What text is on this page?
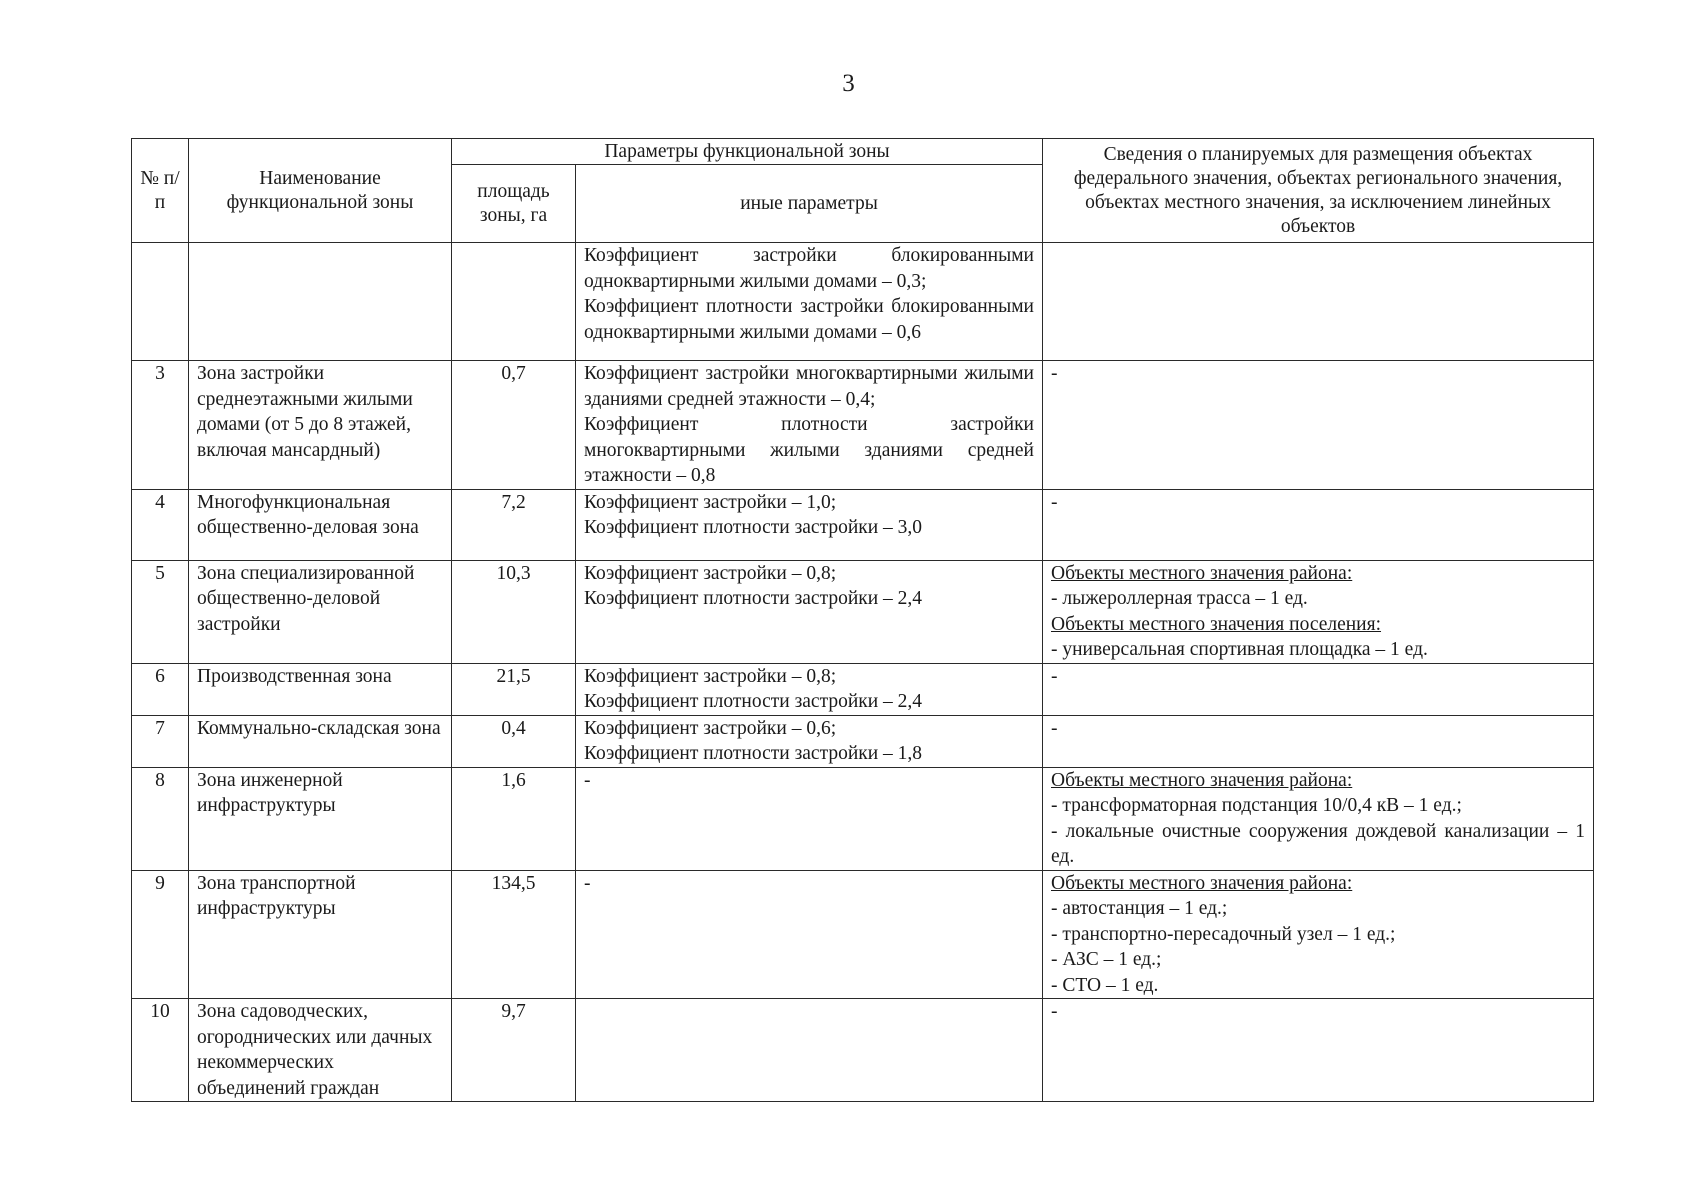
3
№ п/п	Наименование функциональной зоны	Параметры функциональной зоны		Сведения о планируемых для размещения объектах федерального значения, объектах регионального значения, объектах местного значения, за исключением линейных объектов
		площадь зоны, га	иные параметры	

			Коэффициент застройки блокированными одноквартирными жилыми домами – 0,3;
Коэффициент плотности застройки блокированными одноквартирными жилыми домами – 0,6	

3	Зона застройки среднеэтажными жилыми домами (от 5 до 8 этажей, включая мансардный)	0,7	Коэффициент застройки многоквартирными жилыми зданиями средней этажности – 0,4;
Коэффициент плотности застройки многоквартирными жилыми зданиями средней этажности – 0,8	-

4	Многофункциональная общественно-деловая зона	7,2	Коэффициент застройки – 1,0;
Коэффициент плотности застройки – 3,0	-

5	Зона специализированной общественно-деловой застройки	10,3	Коэффициент застройки – 0,8;
Коэффициент плотности застройки – 2,4	Объекты местного значения района:
- лыжероллерная трасса – 1 ед.
Объекты местного значения поселения:
- универсальная спортивная площадка – 1 ед.

6	Производственная зона	21,5	Коэффициент застройки – 0,8;
Коэффициент плотности застройки – 2,4	-

7	Коммунально-складская зона	0,4	Коэффициент застройки – 0,6;
Коэффициент плотности застройки – 1,8	-

8	Зона инженерной инфраструктуры	1,6	-	Объекты местного значения района:
- трансформаторная подстанция 10/0,4 кВ – 1 ед.;
- локальные очистные сооружения дождевой канализации – 1 ед.

9	Зона транспортной инфраструктуры	134,5	-	Объекты местного значения района:
- автостанция – 1 ед.;
- транспортно-пересадочный узел – 1 ед.;
- АЗС – 1 ед.;
- СТО – 1 ед.

10	Зона садоводческих, огороднических или дачных некоммерческих объединений граждан	9,7		-
